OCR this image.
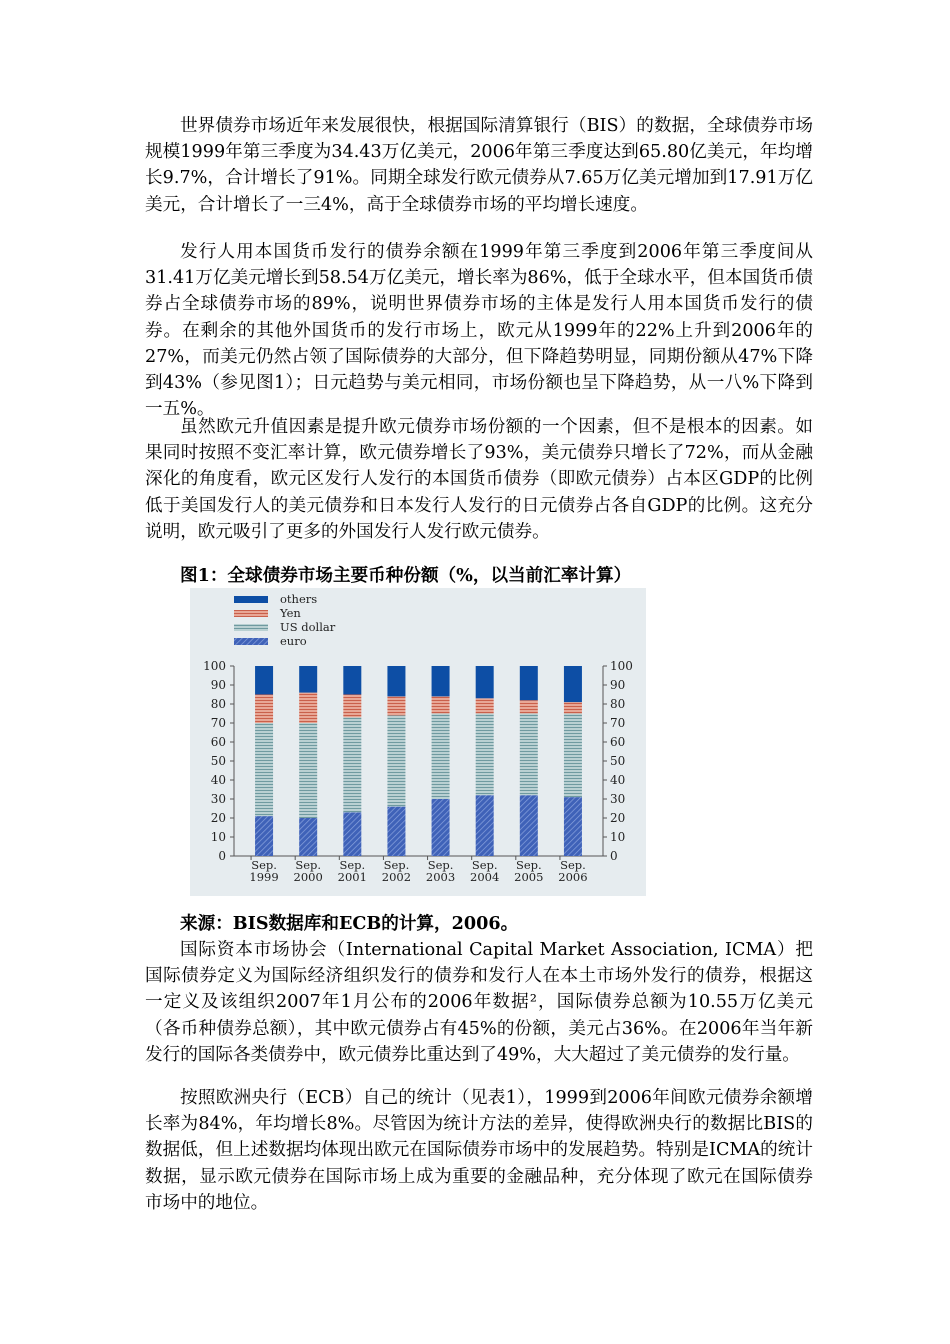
世界债券市场近年来发展很快，根据国际清算银行（BIS）的数据，全球债券市场规模1999年第三季度为34.43万亿美元，2006年第三季度达到65.80亿美元，年均增长9.7%，合计增长了91%。同期全球发行欧元债券从7.65万亿美元增加到17.91万亿美元，合计增长了一三4%，高于全球债券市场的平均增长速度。

发行人用本国货币发行的债券余额在1999年第三季度到2006年第三季度间从31.41万亿美元增长到58.54万亿美元，增长率为86%，低于全球水平，但本国货币债券占全球债券市场的89%，说明世界债券市场的主体是发行人用本国货币发行的债券。在剩余的其他外国货币的发行市场上，欧元从1999年的22%上升到2006年的27%，而美元仍然占领了国际债券的大部分，但下降趋势明显，同期份额从47%下降到43%（参见图1）；日元趋势与美元相同，市场份额也呈下降趋势，从一八%下降到一五%。

虽然欧元升值因素是提升欧元债券市场份额的一个因素，但不是根本的因素。如果同时按照不变汇率计算，欧元债券增长了93%，美元债券只增长了72%，而从金融深化的角度看，欧元区发行人发行的本国货币债券（即欧元债券）占本区GDP的比例低于美国发行人的美元债券和日本发行人发行的日元债券占各自GDP的比例。这充分说明，欧元吸引了更多的外国发行人发行欧元债券。

图1：全球债券市场主要币种份额（%，以当前汇率计算）
others
Yen
US dollar
euro
0	0
10	10
20	20
30	30
40	40
50	50
60	60
70	70
80	80
90	90
100	100
Sep.
1999
Sep.
2000
Sep.
2001
Sep.
2002
Sep.
2003
Sep.
2004
Sep.
2005
Sep.
2006
来源：BIS数据库和ECB的计算，2006。

国际资本市场协会（International Capital Market Association, ICMA）把国际债券定义为国际经济组织发行的债券和发行人在本土市场外发行的债券，根据这一定义及该组织2007年1月公布的2006年数据²，国际债券总额为10.55万亿美元（各币种债券总额），其中欧元债券占有45%的份额，美元占36%。在2006年当年新发行的国际各类债券中，欧元债券比重达到了49%，大大超过了美元债券的发行量。

按照欧洲央行（ECB）自己的统计（见表1），1999到2006年间欧元债券余额增长率为84%，年均增长8%。尽管因为统计方法的差异，使得欧洲央行的数据比BIS的数据低，但上述数据均体现出欧元在国际债券市场中的发展趋势。特别是ICMA的统计数据，显示欧元债券在国际市场上成为重要的金融品种，充分体现了欧元在国际债券市场中的地位。
